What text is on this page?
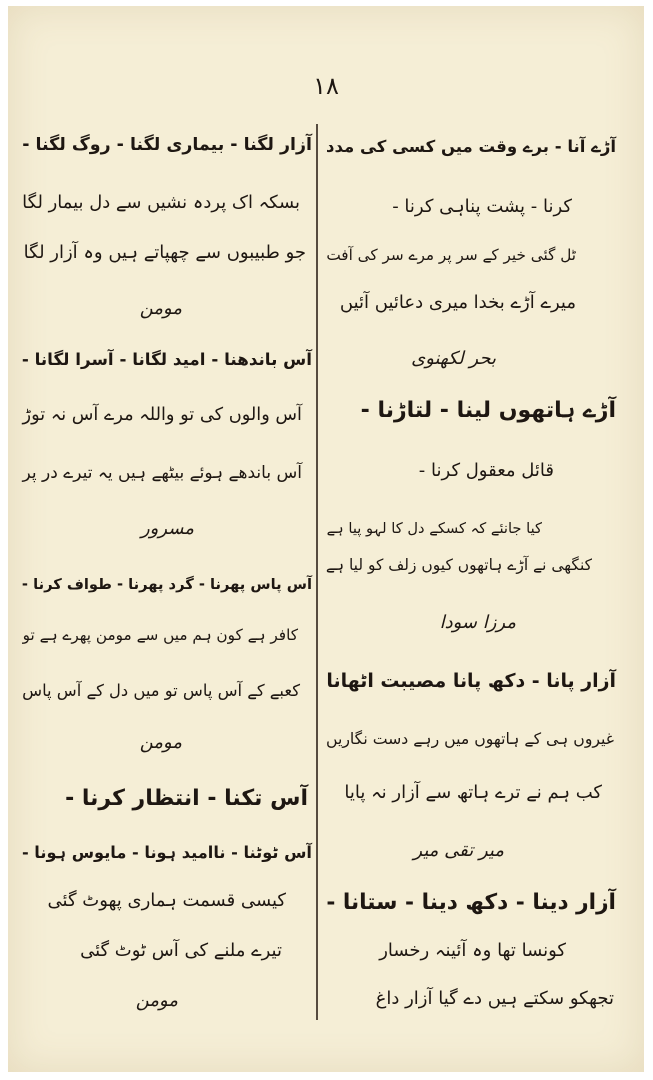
۱۸
آڑے آنا - برے وقت میں کسی کی مدد
کرنا - پشت پناہی کرنا -
ٹل گئی خیر کے سر پر مرے سر کی آفت
میرے آڑے بخدا میری دعائیں آئیں
بحر لکھنوی
آڑے ہاتھوں لینا - لتاڑنا -
قائل معقول کرنا -
کیا جانئے کہ کسکے دل کا لہو پیا ہے
کنگھی نے آڑے ہاتھوں کیوں زلف کو لیا ہے
مرزا سودا
آزار پانا - دکھ پانا مصیبت اٹھانا
غیروں ہی کے ہاتھوں میں رہے دست نگاریں
کب ہم نے ترے ہاتھ سے آزار نہ پایا
میر تقی میر
آزار دینا - دکھ دینا - ستانا -
کونسا تھا وہ آئینہ رخسار
تجھکو سکتے ہیں دے گیا آزار داغ
آزار لگنا - بیماری لگنا - روگ لگنا -
بسکہ اک پردہ نشیں سے دل بیمار لگا
جو طبیبوں سے چھپاتے ہیں وہ آزار لگا
مومن
آس باندھنا - امید لگانا - آسرا لگانا -
آس والوں کی تو واللہ مرے آس نہ توڑ
آس باندھے ہوئے بیٹھے ہیں یہ تیرے در پر
مسرور
آس پاس پھرنا - گرد پھرنا - طواف کرنا -
کافر ہے کون ہم میں سے مومن پھرے ہے تو
کعبے کے آس پاس تو میں دل کے آس پاس
مومن
آس تکنا - انتظار کرنا -
آس ٹوٹنا - ناامید ہونا - مایوس ہونا -
کیسی قسمت ہماری پھوٹ گئی
تیرے ملنے کی آس ٹوٹ گئی
مومن
